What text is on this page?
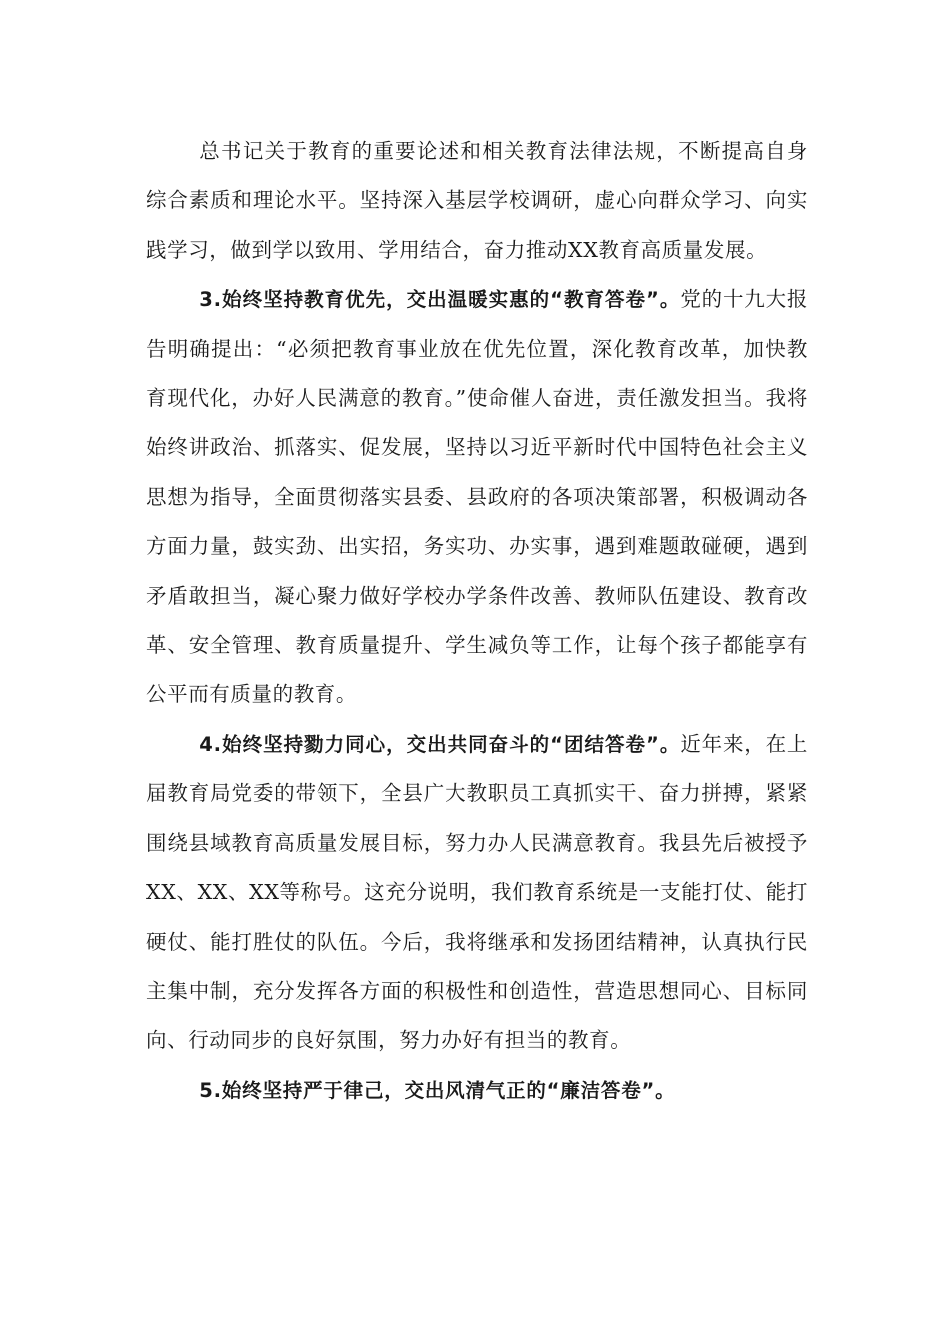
总书记关于教育的重要论述和相关教育法律法规，不断提高自身综合素质和理论水平。坚持深入基层学校调研，虚心向群众学习、向实践学习，做到学以致用、学用结合，奋力推动XX教育高质量发展。

3.始终坚持教育优先，交出温暖实惠的“教育答卷”。党的十九大报告明确提出：“必须把教育事业放在优先位置，深化教育改革，加快教育现代化，办好人民满意的教育。”使命催人奋进，责任激发担当。我将始终讲政治、抓落实、促发展，坚持以习近平新时代中国特色社会主义思想为指导，全面贯彻落实县委、县政府的各项决策部署，积极调动各方面力量，鼓实劲、出实招，务实功、办实事，遇到难题敢碰硬，遇到矛盾敢担当，凝心聚力做好学校办学条件改善、教师队伍建设、教育改革、安全管理、教育质量提升、学生减负等工作，让每个孩子都能享有公平而有质量的教育。

4.始终坚持勠力同心，交出共同奋斗的“团结答卷”。近年来，在上届教育局党委的带领下，全县广大教职员工真抓实干、奋力拼搏，紧紧围绕县域教育高质量发展目标，努力办人民满意教育。我县先后被授予XX、XX、XX等称号。这充分说明，我们教育系统是一支能打仗、能打硬仗、能打胜仗的队伍。今后，我将继承和发扬团结精神，认真执行民主集中制，充分发挥各方面的积极性和创造性，营造思想同心、目标同向、行动同步的良好氛围，努力办好有担当的教育。

5.始终坚持严于律己，交出风清气正的“廉洁答卷”。
